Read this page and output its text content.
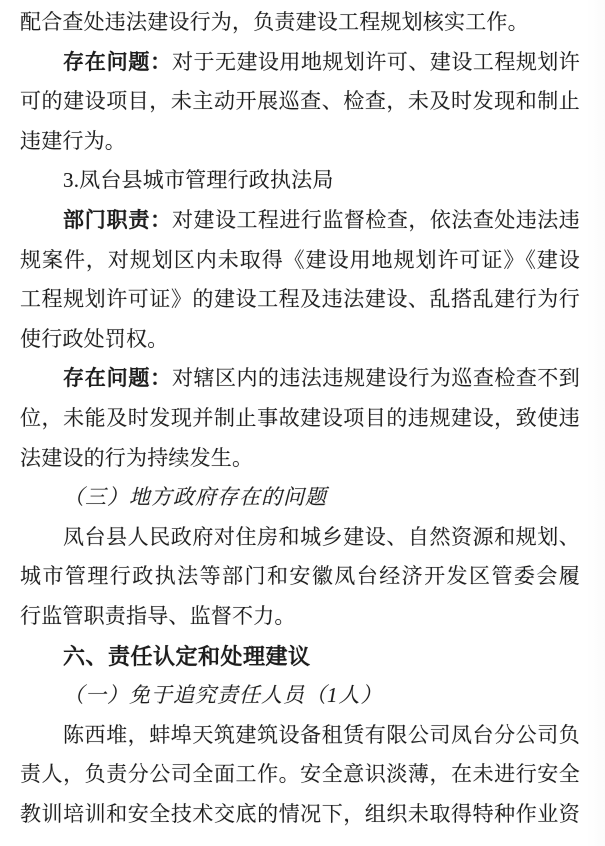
配合查处违法建设行为，负责建设工程规划核实工作。
存在问题：对于无建设用地规划许可、建设工程规划许
可的建设项目，未主动开展巡查、检查，未及时发现和制止
违建行为。
3.凤台县城市管理行政执法局
部门职责：对建设工程进行监督检查，依法查处违法违
规案件，对规划区内未取得《建设用地规划许可证》《建设
工程规划许可证》的建设工程及违法建设、乱搭乱建行为行
使行政处罚权。
存在问题：对辖区内的违法违规建设行为巡查检查不到
位，未能及时发现并制止事故建设项目的违规建设，致使违
法建设的行为持续发生。
（三）地方政府存在的问题
凤台县人民政府对住房和城乡建设、自然资源和规划、
城市管理行政执法等部门和安徽凤台经济开发区管委会履
行监管职责指导、监督不力。
六、责任认定和处理建议
（一）免于追究责任人员（1人）
陈西堆，蚌埠天筑建筑设备租赁有限公司凤台分公司负
责人，负责分公司全面工作。安全意识淡薄，在未进行安全
教训培训和安全技术交底的情况下，组织未取得特种作业资
